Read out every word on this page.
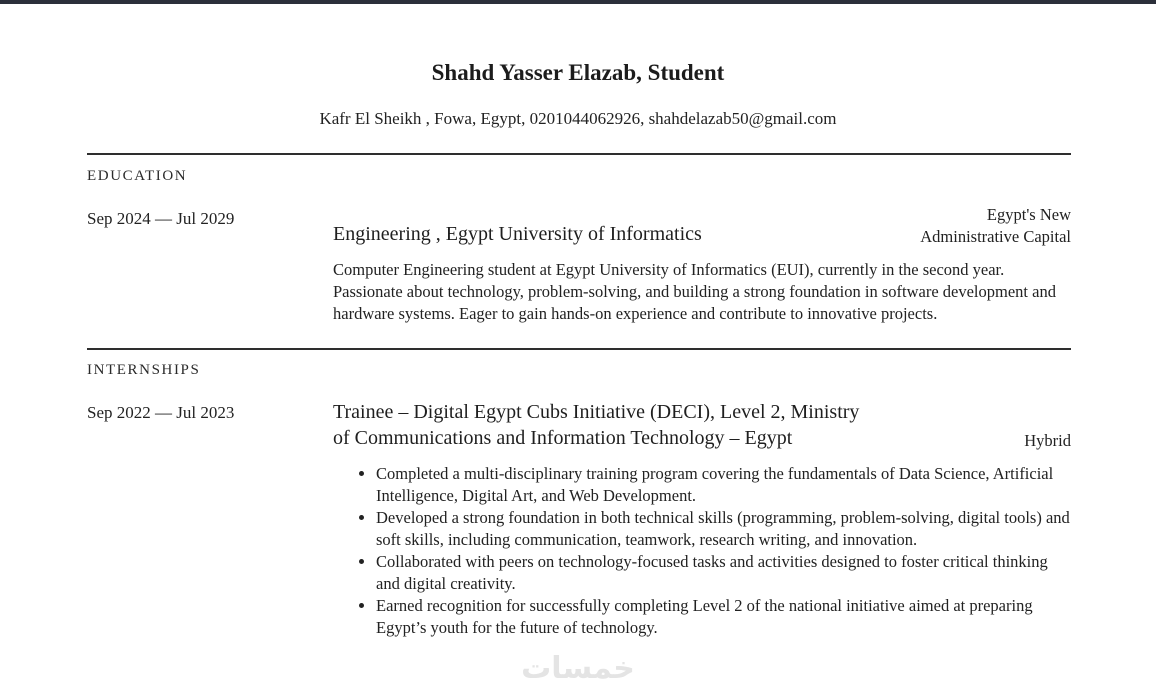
Shahd Yasser Elazab, Student
Kafr El Sheikh , Fowa, Egypt, 0201044062926, shahdelazab50@gmail.com
EDUCATION
Sep 2024 — Jul 2029
Engineering , Egypt University of Informatics
Egypt's New
Administrative Capital
Computer Engineering student at Egypt University of Informatics (EUI), currently in the second year. Passionate about technology, problem-solving, and building a strong foundation in software development and hardware systems. Eager to gain hands-on experience and contribute to innovative projects.
INTERNSHIPS
Sep 2022 — Jul 2023	Trainee – Digital Egypt Cubs Initiative (DECI), Level 2, Ministry
of Communications and Information Technology – Egypt	Hybrid
• Completed a multi-disciplinary training program covering the fundamentals of Data Science, Artificial Intelligence, Digital Art, and Web Development.
• Developed a strong foundation in both technical skills (programming, problem-solving, digital tools) and soft skills, including communication, teamwork, research writing, and innovation.
• Collaborated with peers on technology-focused tasks and activities designed to foster critical thinking and digital creativity.
• Earned recognition for successfully completing Level 2 of the national initiative aimed at preparing Egypt’s youth for the future of technology.
خمسات
